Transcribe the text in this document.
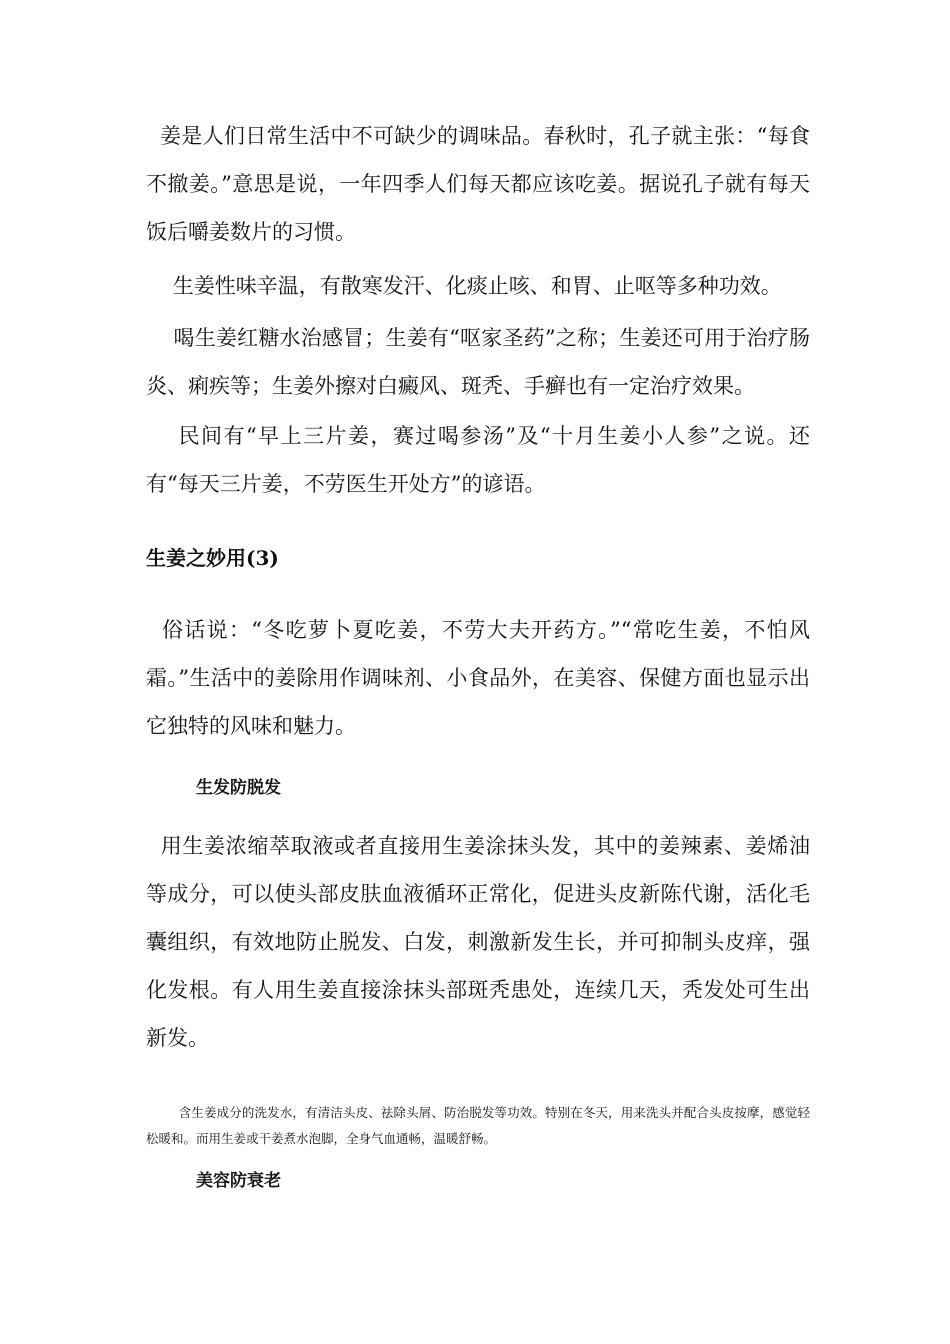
姜是人们日常生活中不可缺少的调味品。春秋时，孔子就主张：“每食不撤姜。”意思是说，一年四季人们每天都应该吃姜。据说孔子就有每天饭后嚼姜数片的习惯。

生姜性味辛温，有散寒发汗、化痰止咳、和胃、止呕等多种功效。

喝生姜红糖水治感冒；生姜有“呕家圣药”之称；生姜还可用于治疗肠炎、痢疾等；生姜外擦对白癜风、斑秃、手癣也有一定治疗效果。

民间有“早上三片姜，赛过喝参汤”及“十月生姜小人参”之说。还有“每天三片姜，不劳医生开处方”的谚语。

生姜之妙用(3)

俗话说：“冬吃萝卜夏吃姜，不劳大夫开药方。”“常吃生姜，不怕风霜。”生活中的姜除用作调味剂、小食品外，在美容、保健方面也显示出它独特的风味和魅力。

生发防脱发

用生姜浓缩萃取液或者直接用生姜涂抹头发，其中的姜辣素、姜烯油等成分，可以使头部皮肤血液循环正常化，促进头皮新陈代谢，活化毛囊组织，有效地防止脱发、白发，刺激新发生长，并可抑制头皮痒，强化发根。有人用生姜直接涂抹头部斑秃患处，连续几天，秃发处可生出新发。

含生姜成分的洗发水，有清洁头皮、祛除头屑、防治脱发等功效。特别在冬天，用来洗头并配合头皮按摩，感觉轻松暖和。而用生姜或干姜煮水泡脚，全身气血通畅，温暖舒畅。

美容防衰老
